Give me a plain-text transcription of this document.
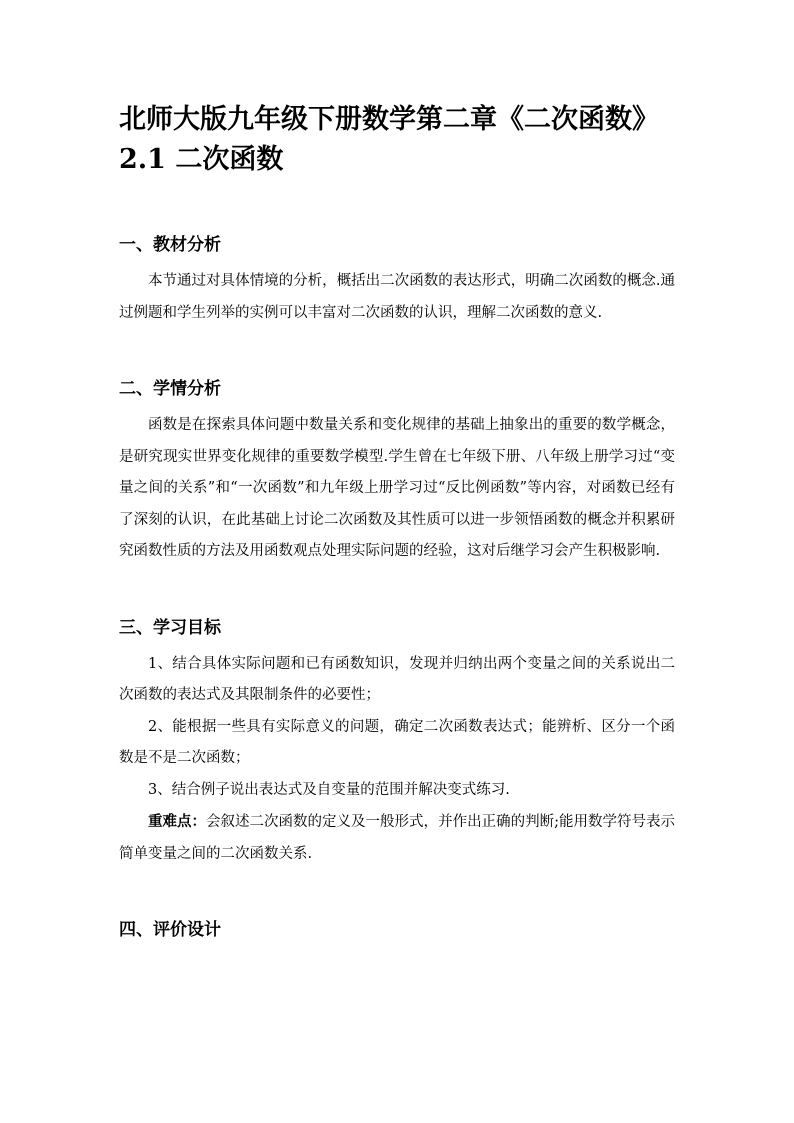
北师大版九年级下册数学第二章《二次函数》2.1 二次函数
一、教材分析

本节通过对具体情境的分析，概括出二次函数的表达形式，明确二次函数的概念.通过例题和学生列举的实例可以丰富对二次函数的认识，理解二次函数的意义.

二、学情分析

函数是在探索具体问题中数量关系和变化规律的基础上抽象出的重要的数学概念，是研究现实世界变化规律的重要数学模型.学生曾在七年级下册、八年级上册学习过“变量之间的关系”和“一次函数”和九年级上册学习过“反比例函数”等内容，对函数已经有了深刻的认识，在此基础上讨论二次函数及其性质可以进一步领悟函数的概念并积累研究函数性质的方法及用函数观点处理实际问题的经验，这对后继学习会产生积极影响.

三、学习目标

1、结合具体实际问题和已有函数知识，发现并归纳出两个变量之间的关系说出二次函数的表达式及其限制条件的必要性；

2、能根据一些具有实际意义的问题，确定二次函数表达式；能辨析、区分一个函数是不是二次函数；

3、结合例子说出表达式及自变量的范围并解决变式练习.

重难点：会叙述二次函数的定义及一般形式，并作出正确的判断;能用数学符号表示简单变量之间的二次函数关系.

四、评价设计
